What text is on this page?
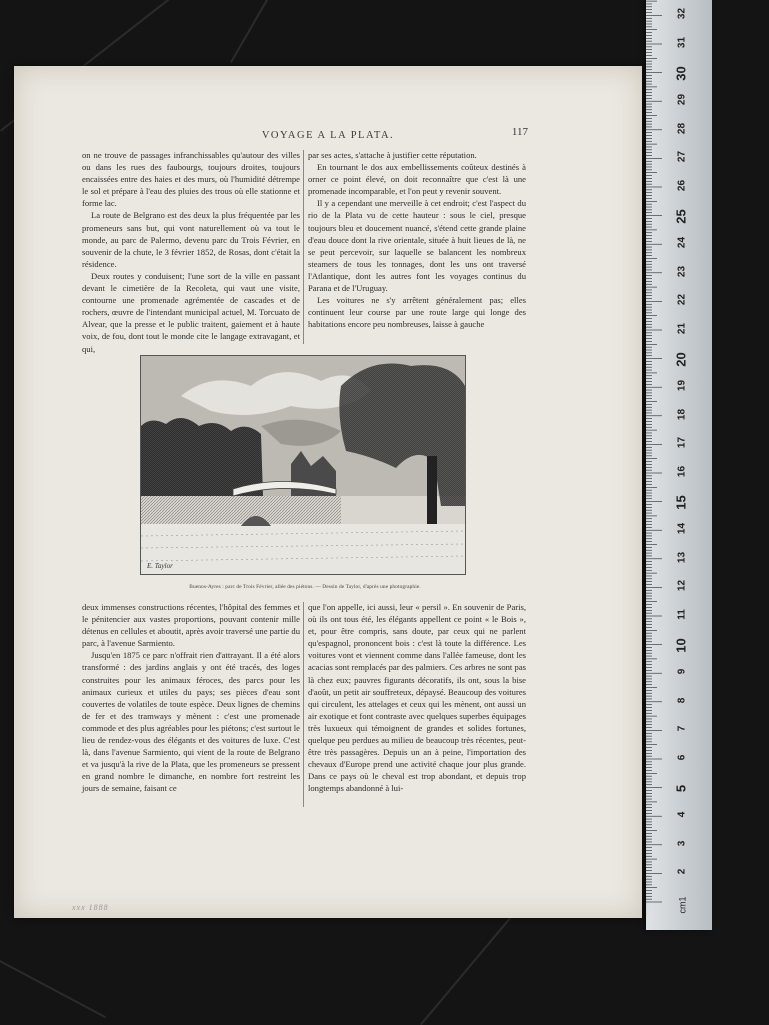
2
3
4
5
6
7
8
9
10
11
12
13
14
15
16
17
18
19
20
21
22
23
24
25
26
27
28
29
30
31
32
cm1
VOYAGE A LA PLATA.	117

on ne trouve de passages infranchissables qu'autour des villes ou dans les rues des faubourgs, toujours droites, toujours encaissées entre des haies et des murs, où l'humidité détrempe le sol et prépare à l'eau des pluies des trous où elle stationne et forme lac.

La route de Belgrano est des deux la plus fréquentée par les promeneurs sans but, qui vont naturellement où va tout le monde, au parc de Palermo, devenu parc du Trois Février, en souvenir de la chute, le 3 février 1852, de Rosas, dont c'était la résidence.

Deux routes y conduisent; l'une sort de la ville en passant devant le cimetière de la Recoleta, qui vaut une visite, contourne une promenade agrémentée de cascades et de rochers, œuvre de l'intendant municipal actuel, M. Torcuato de Alvear, que la presse et le public traitent, gaiement et à haute voix, de fou, dont tout le monde cite le langage extravagant, et qui,

par ses actes, s'attache à justifier cette réputation.

En tournant le dos aux embellissements coûteux destinés à orner ce point élevé, on doit reconnaître que c'est là une promenade incomparable, et l'on peut y revenir souvent.

Il y a cependant une merveille à cet endroit; c'est l'aspect du rio de la Plata vu de cette hauteur : sous le ciel, presque toujours bleu et doucement nuancé, s'étend cette grande plaine d'eau douce dont la rive orientale, située à huit lieues de là, ne se peut percevoir, sur laquelle se balancent les nombreux steamers de tous les tonnages, dont les uns ont traversé l'Atlantique, dont les autres font les voyages continus du Parana et de l'Uruguay.

Les voitures ne s'y arrêtent généralement pas; elles continuent leur course par une route large qui longe des habitations encore peu nombreuses, laisse à gauche

E. Taylor
Buenos-Ayres : parc de Trois Février, allée des piétons. — Dessin de Taylor, d'après une photographie.

deux immenses constructions récentes, l'hôpital des femmes et le pénitencier aux vastes proportions, pouvant contenir mille détenus en cellules et aboutit, après avoir traversé une partie du parc, à l'avenue Sarmiento.

Jusqu'en 1875 ce parc n'offrait rien d'attrayant. Il a été alors transformé : des jardins anglais y ont été tracés, des loges construites pour les animaux féroces, des parcs pour les animaux curieux et utiles du pays; ses pièces d'eau sont couvertes de volatiles de toute espèce. Deux lignes de chemins de fer et des tramways y mènent : c'est une promenade commode et des plus agréables pour les piétons; c'est surtout le lieu de rendez-vous des élégants et des voitures de luxe. C'est là, dans l'avenue Sarmiento, qui vient de la route de Belgrano et va jusqu'à la rive de la Plata, que les promeneurs se pressent en grand nombre le dimanche, en nombre fort restreint les jours de semaine, faisant ce

que l'on appelle, ici aussi, leur « persil ». En souvenir de Paris, où ils ont tous été, les élégants appellent ce point « le Bois », et, pour être compris, sans doute, par ceux qui ne parlent qu'espagnol, prononcent bois : c'est là toute la différence. Les voitures vont et viennent comme dans l'allée fameuse, dont les acacias sont remplacés par des palmiers. Ces arbres ne sont pas là chez eux; pauvres figurants décoratifs, ils ont, sous la bise d'août, un petit air souffreteux, dépaysé. Beaucoup des voitures qui circulent, les attelages et ceux qui les mènent, ont aussi un air exotique et font contraste avec quelques superbes équipages très luxueux qui témoignent de grandes et solides fortunes, quelque peu perdues au milieu de beaucoup très récentes, peut-être très passagères. Depuis un an à peine, l'importation des chevaux d'Europe prend une activité chaque jour plus grande. Dans ce pays où le cheval est trop abondant, et depuis trop longtemps abandonné à lui-

xxx 1888
